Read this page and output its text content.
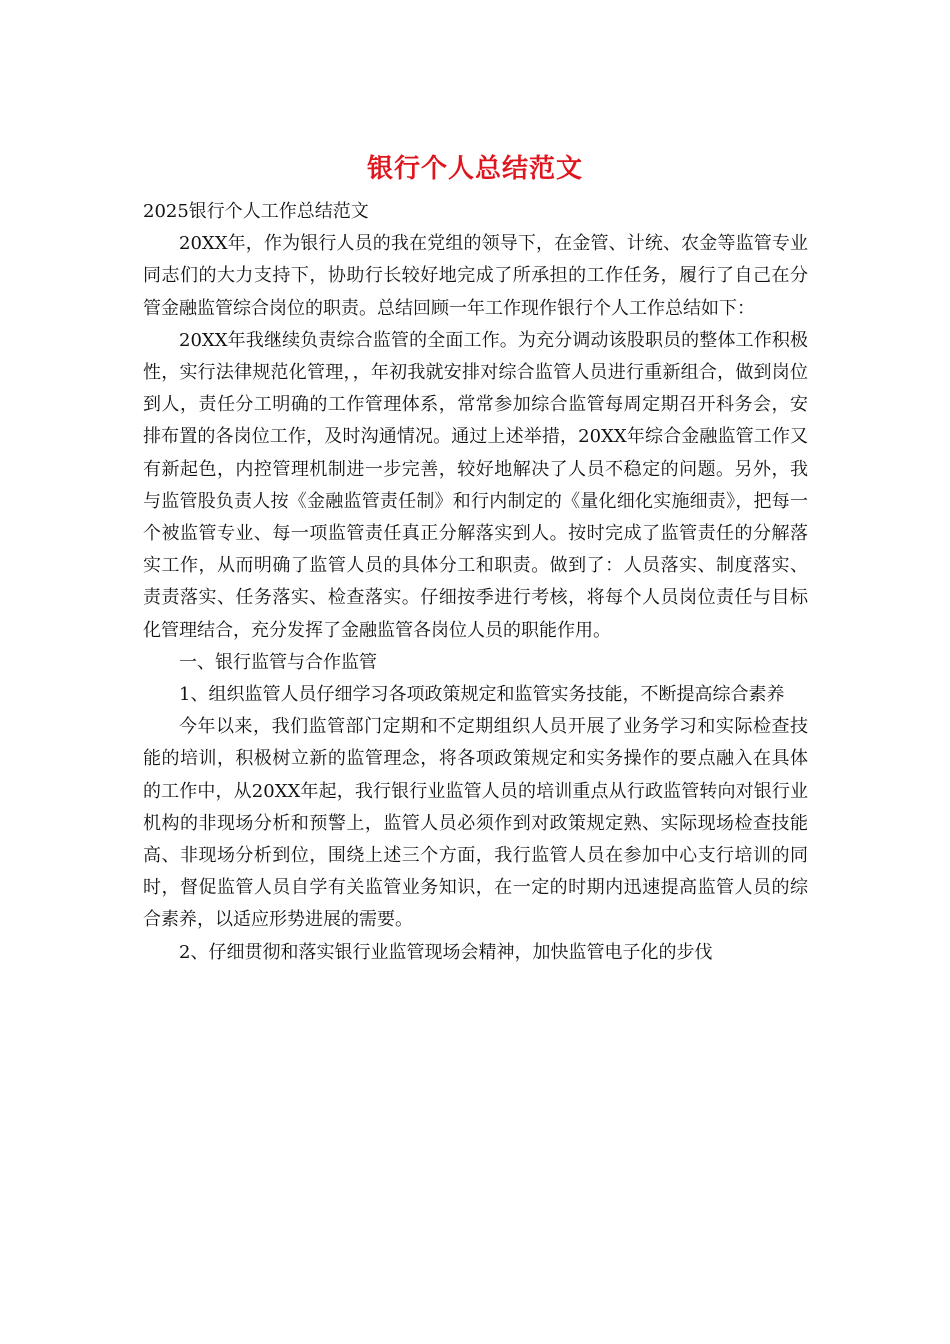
银行个人总结范文

2025银行个人工作总结范文

20XX年，作为银行人员的我在党组的领导下，在金管、计统、农金等监管专业同志们的大力支持下，协助行长较好地完成了所承担的工作任务，履行了自己在分管金融监管综合岗位的职责。总结回顾一年工作现作银行个人工作总结如下：

20XX年我继续负责综合监管的全面工作。为充分调动该股职员的整体工作积极性，实行法律规范化管理，，年初我就安排对综合监管人员进行重新组合，做到岗位到人，责任分工明确的工作管理体系，常常参加综合监管每周定期召开科务会，安排布置的各岗位工作，及时沟通情况。通过上述举措，20XX年综合金融监管工作又有新起色，内控管理机制进一步完善，较好地解决了人员不稳定的问题。另外，我与监管股负责人按《金融监管责任制》和行内制定的《量化细化实施细责》，把每一个被监管专业、每一项监管责任真正分解落实到人。按时完成了监管责任的分解落实工作，从而明确了监管人员的具体分工和职责。做到了：人员落实、制度落实、责责落实、任务落实、检查落实。仔细按季进行考核，将每个人员岗位责任与目标化管理结合，充分发挥了金融监管各岗位人员的职能作用。

一、银行监管与合作监管

1、组织监管人员仔细学习各项政策规定和监管实务技能，不断提高综合素养

今年以来，我们监管部门定期和不定期组织人员开展了业务学习和实际检查技能的培训，积极树立新的监管理念，将各项政策规定和实务操作的要点融入在具体的工作中，从20XX年起，我行银行业监管人员的培训重点从行政监管转向对银行业机构的非现场分析和预警上，监管人员必须作到对政策规定熟、实际现场检查技能高、非现场分析到位，围绕上述三个方面，我行监管人员在参加中心支行培训的同时，督促监管人员自学有关监管业务知识，在一定的时期内迅速提高监管人员的综合素养，以适应形势进展的需要。

2、仔细贯彻和落实银行业监管现场会精神，加快监管电子化的步伐
